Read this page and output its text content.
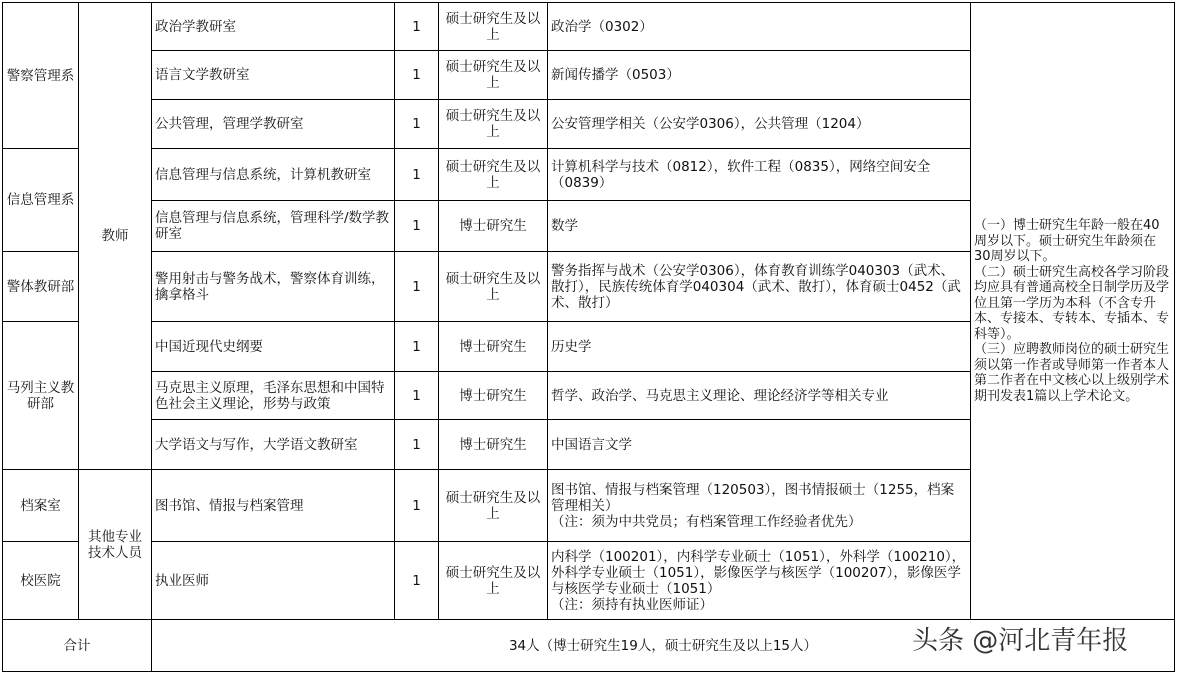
警察管理系	教师	政治学教研室	1	硕士研究生及以上	政治学（0302）	（一）博士研究生年龄一般在40周岁以下。硕士研究生年龄须在30周岁以下。
（二）硕士研究生高校各学习阶段均应具有普通高校全日制学历及学位且第一学历为本科（不含专升本、专接本、专转本、专插本、专科等）。
（三）应聘教师岗位的硕士研究生须以第一作者或导师第一作者本人第二作者在中文核心以上级别学术期刊发表1篇以上学术论文。

		语言文学教研室	1	硕士研究生及以上	新闻传播学（0503）	
		公共管理，管理学教研室	1	硕士研究生及以上	公安管理学相关（公安学0306），公共管理（1204）	
信息管理系		信息管理与信息系统，计算机教研室	1	硕士研究生及以上	计算机科学与技术（0812），软件工程（0835），网络空间安全（0839）	
		信息管理与信息系统，管理科学/数学教研室	1	博士研究生	数学	
警体教研部		警用射击与警务战术，警察体育训练，擒拿格斗	1	硕士研究生及以上	警务指挥与战术（公安学0306），体育教育训练学040303（武术、散打），民族传统体育学040304（武术、散打），体育硕士0452（武术、散打）	
马列主义教研部		中国近现代史纲要	1	博士研究生	历史学	
		马克思主义原理，毛泽东思想和中国特色社会主义理论，形势与政策	1	博士研究生	哲学、政治学、马克思主义理论、理论经济学等相关专业	
		大学语文与写作，大学语文教研室	1	博士研究生	中国语言文学	
档案室	其他专业技术人员	图书馆、情报与档案管理	1	硕士研究生及以上	图书馆、情报与档案管理（120503），图书情报硕士（1255，档案管理相关）
（注：须为中共党员；有档案管理工作经验者优先）	

校医院		执业医师	1	硕士研究生及以上	内科学（100201），内科学专业硕士（1051），外科学（100210），外科学专业硕士（1051），影像医学与核医学（100207），影像医学与核医学专业硕士（1051）
（注：须持有执业医师证）	

合计		34人（博士研究生19人，硕士研究生及以上15人）					头条 @河北青年报
